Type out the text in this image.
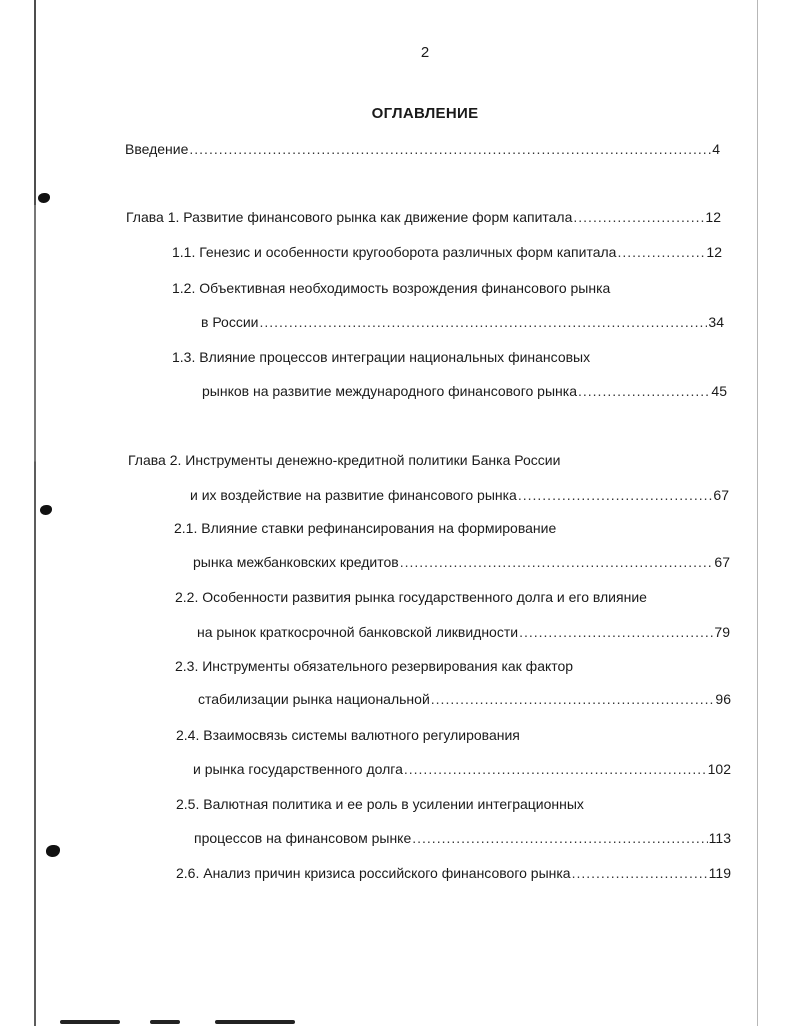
2
ОГЛАВЛЕНИЕ
Введение .....	4
Глава 1. Развитие финансового рынка как движение форм капитала .....	12
1.1. Генезис и особенности кругооборота различных форм капитала .....	12
1.2. Объективная необходимость возрождения финансового рынка
в России .....	34
1.3. Влияние процессов интеграции национальных финансовых
рынков на развитие международного финансового рынка .....	45
Глава 2. Инструменты денежно-кредитной политики Банка России
и их воздействие на развитие финансового рынка .....	67
2.1. Влияние ставки рефинансирования на формирование
рынка межбанковских кредитов .....	67
2.2. Особенности развития рынка государственного долга и его влияние
на рынок краткосрочной банковской ликвидности .....	79
2.3. Инструменты обязательного резервирования как фактор
стабилизации рынка национальной .....	96
2.4. Взаимосвязь системы валютного регулирования
и рынка государственного долга .....	102
2.5. Валютная политика и ее роль в усилении интеграционных
процессов на финансовом рынке .....	113
2.6. Анализ причин кризиса российского финансового рынка .....	119
